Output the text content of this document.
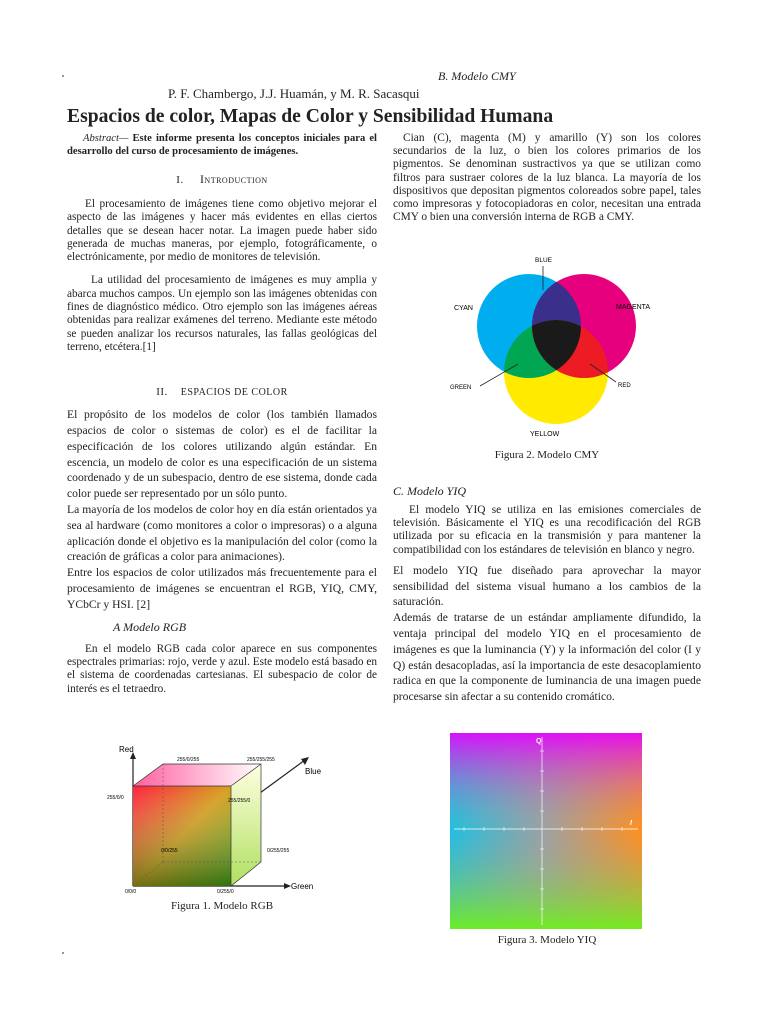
B. Modelo CMY
P. F. Chambergo, J.J. Huamán, y M. R. Sacasqui
Espacios de color, Mapas de Color y Sensibilidad Humana

Abstract— Este informe presenta los conceptos iniciales para el desarrollo del curso de procesamiento de imágenes.

I. Introduction

El procesamiento de imágenes tiene como objetivo mejorar el aspecto de las imágenes y hacer más evidentes en ellas ciertos detalles que se desean hacer notar. La imagen puede haber sido generada de muchas maneras, por ejemplo, fotográficamente, o electrónicamente, por medio de monitores de televisión.

La utilidad del procesamiento de imágenes es muy amplia y abarca muchos campos. Un ejemplo son las imágenes obtenidas con fines de diagnóstico médico. Otro ejemplo son las imágenes aéreas obtenidas para realizar exámenes del terreno. Mediante este método se pueden analizar los recursos naturales, las fallas geológicas del terreno, etcétera.[1]

II. ESPACIOS DE COLOR

El propósito de los modelos de color (los también llamados espacios de color o sistemas de color) es el de facilitar la especificación de los colores utilizando algún estándar. En escencia, un modelo de color es una especificación de un sistema coordenado y de un subespacio, dentro de ese sistema, donde cada color puede ser representado por un sólo punto.

La mayoría de los modelos de color hoy en día están orientados ya sea al hardware (como monitores a color o impresoras) o a alguna aplicación donde el objetivo es la manipulación del color (como la creación de gráficas a color para animaciones).

Entre los espacios de color utilizados más frecuentemente para el procesamiento de imágenes se encuentran el RGB, YIQ, CMY, YCbCr y HSI. [2]

A Modelo RGB

En el modelo RGB cada color aparece en sus componentes espectrales primarias: rojo, verde y azul. Este modelo está basado en el sistema de coordenadas cartesianas. El subespacio de color de interés es el tetraedro.

Red
Blue
Green
255/0/255	255/255/255
255/0/0	255/255/0
0/255/255
0/0/0	0/255/0
0/0/255
Figura 1. Modelo RGB

Cian (C), magenta (M) y amarillo (Y) son los colores secundarios de la luz, o bien los colores primarios de los pigmentos. Se denominan sustractivos ya que se utilizan como filtros para sustraer colores de la luz blanca. La mayoría de los dispositivos que depositan pigmentos coloreados sobre papel, tales como impresoras y fotocopiadoras en color, necesitan una entrada CMY o bien una conversión interna de RGB a CMY.

BLUE
CYAN	MAGENTA
GREEN	RED
YELLOW
Figura 2. Modelo CMY
C. Modelo YIQ

El modelo YIQ se utiliza en las emisiones comerciales de televisión. Básicamente el YIQ es una recodificación del RGB utilizada por su eficacia en la transmisión y para mantener la compatibilidad con los estándares de televisión en blanco y negro.

El modelo YIQ fue diseñado para aprovechar la mayor sensibilidad del sistema visual humano a los cambios de la saturación.

Además de tratarse de un estándar ampliamente difundido, la ventaja principal del modelo YIQ en el procesamiento de imágenes es que la luminancia (Y) y la información del color (I y Q) están desacopladas, así la importancia de este desacoplamiento radica en que la componente de luminancia de una imagen puede procesarse sin afectar a su contenido cromático.

Q
I
Figura 3. Modelo YIQ
